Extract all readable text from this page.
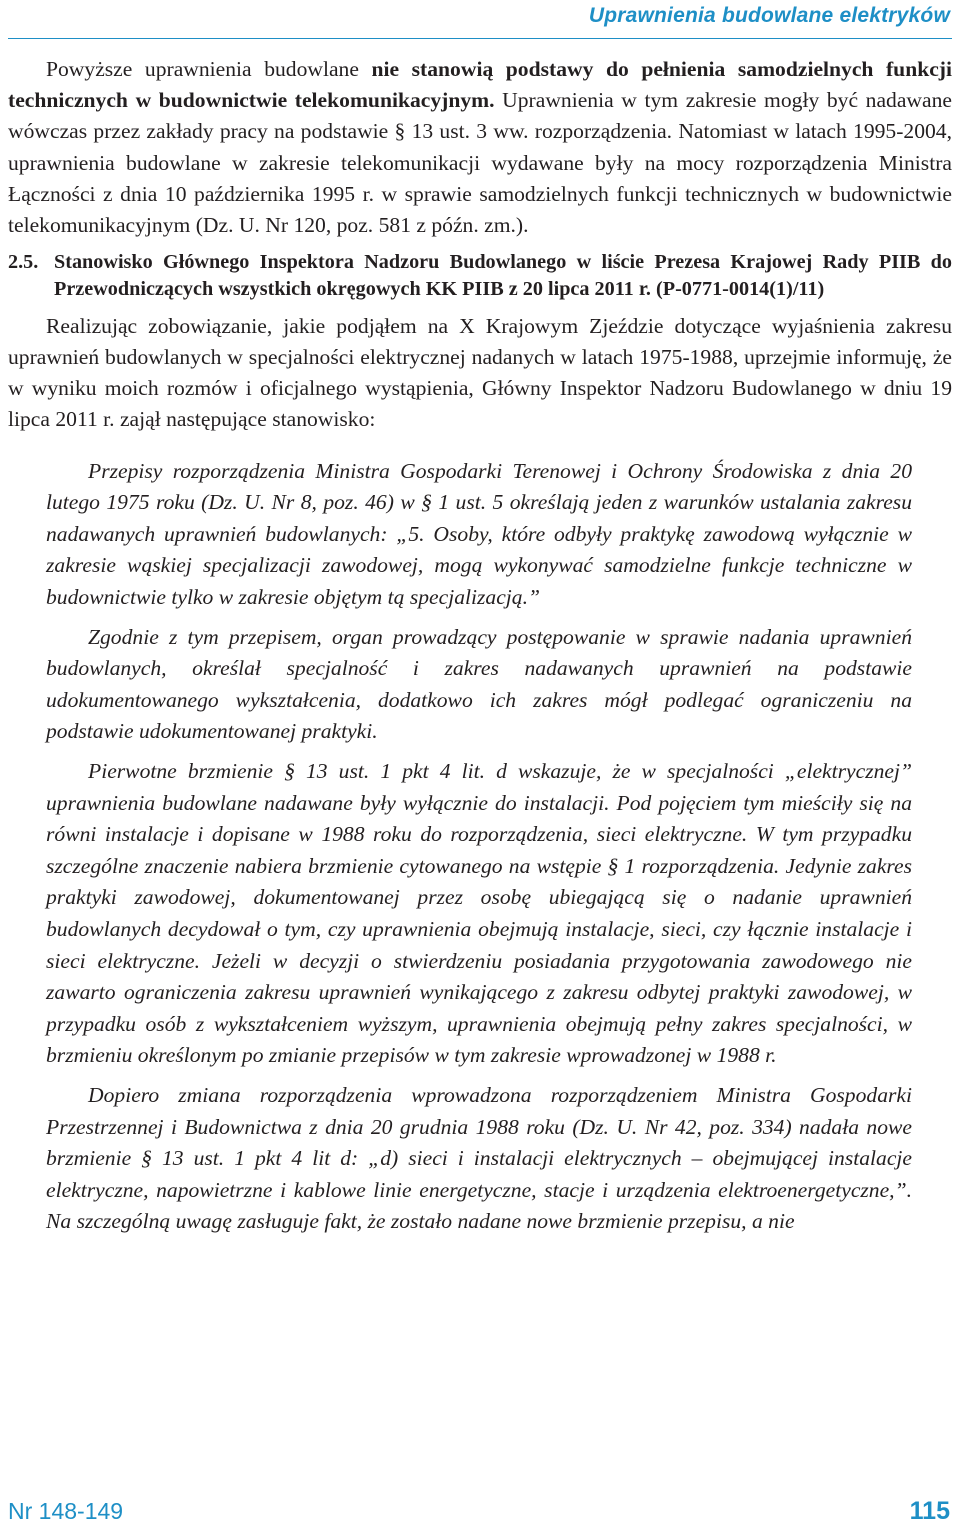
Uprawnienia budowlane elektryków

Powyższe uprawnienia budowlane nie stanowią podstawy do pełnienia samodzielnych funkcji technicznych w budownictwie telekomunikacyjnym. Uprawnienia w tym zakresie mogły być nadawane wówczas przez zakłady pracy na podstawie § 13 ust. 3 ww. rozporządzenia. Natomiast w latach 1995-2004, uprawnienia budowlane w zakresie telekomunikacji wydawane były na mocy rozporządzenia Ministra Łączności z dnia 10 października 1995 r. w sprawie samodzielnych funkcji technicznych w budownictwie telekomunikacyjnym (Dz. U. Nr 120, poz. 581 z późn. zm.).

2.5. Stanowisko Głównego Inspektora Nadzoru Budowlanego w liście Prezesa Krajowej Rady PIIB do Przewodniczących wszystkich okręgowych KK PIIB z 20 lipca 2011 r. (P-0771-0014(1)/11)

Realizując zobowiązanie, jakie podjąłem na X Krajowym Zjeździe dotyczące wyjaśnienia zakresu uprawnień budowlanych w specjalności elektrycznej nadanych w latach 1975-1988, uprzejmie informuję, że w wyniku moich rozmów i oficjalnego wystąpienia, Główny Inspektor Nadzoru Budowlanego w dniu 19 lipca 2011 r. zajął następujące stanowisko:

Przepisy rozporządzenia Ministra Gospodarki Terenowej i Ochrony Środowiska z dnia 20 lutego 1975 roku (Dz. U. Nr 8, poz. 46) w § 1 ust. 5 określają jeden z warunków ustalania zakresu nadawanych uprawnień budowlanych: „5. Osoby, które odbyły praktykę zawodową wyłącznie w zakresie wąskiej specjalizacji zawodowej, mogą wykonywać samodzielne funkcje techniczne w budownictwie tylko w zakresie objętym tą specjalizacją.”

Zgodnie z tym przepisem, organ prowadzący postępowanie w sprawie nadania uprawnień budowlanych, określał specjalność i zakres nadawanych uprawnień na podstawie udokumentowanego wykształcenia, dodatkowo ich zakres mógł podlegać ograniczeniu na podstawie udokumentowanej praktyki.

Pierwotne brzmienie § 13 ust. 1 pkt 4 lit. d wskazuje, że w specjalności „elektrycznej” uprawnienia budowlane nadawane były wyłącznie do instalacji. Pod pojęciem tym mieściły się na równi instalacje i dopisane w 1988 roku do rozporządzenia, sieci elektryczne. W tym przypadku szczególne znaczenie nabiera brzmienie cytowanego na wstępie § 1 rozporządzenia. Jedynie zakres praktyki zawodowej, dokumentowanej przez osobę ubiegającą się o nadanie uprawnień budowlanych decydował o tym, czy uprawnienia obejmują instalacje, sieci, czy łącznie instalacje i sieci elektryczne. Jeżeli w decyzji o stwierdzeniu posiadania przygotowania zawodowego nie zawarto ograniczenia zakresu uprawnień wynikającego z zakresu odbytej praktyki zawodowej, w przypadku osób z wykształceniem wyższym, uprawnienia obejmują pełny zakres specjalności, w brzmieniu określonym po zmianie przepisów w tym zakresie wprowadzonej w 1988 r.

Dopiero zmiana rozporządzenia wprowadzona rozporządzeniem Ministra Gospodarki Przestrzennej i Budownictwa z dnia 20 grudnia 1988 roku (Dz. U. Nr 42, poz. 334) nadała nowe brzmienie § 13 ust. 1 pkt 4 lit d: „d) sieci i instalacji elektrycznych – obejmującej instalacje elektryczne, napowietrzne i kablowe linie energetyczne, stacje i urządzenia elektroenergetyczne,”. Na szczególną uwagę zasługuje fakt, że zostało nadane nowe brzmienie przepisu, a nie

Nr 148-149	115
